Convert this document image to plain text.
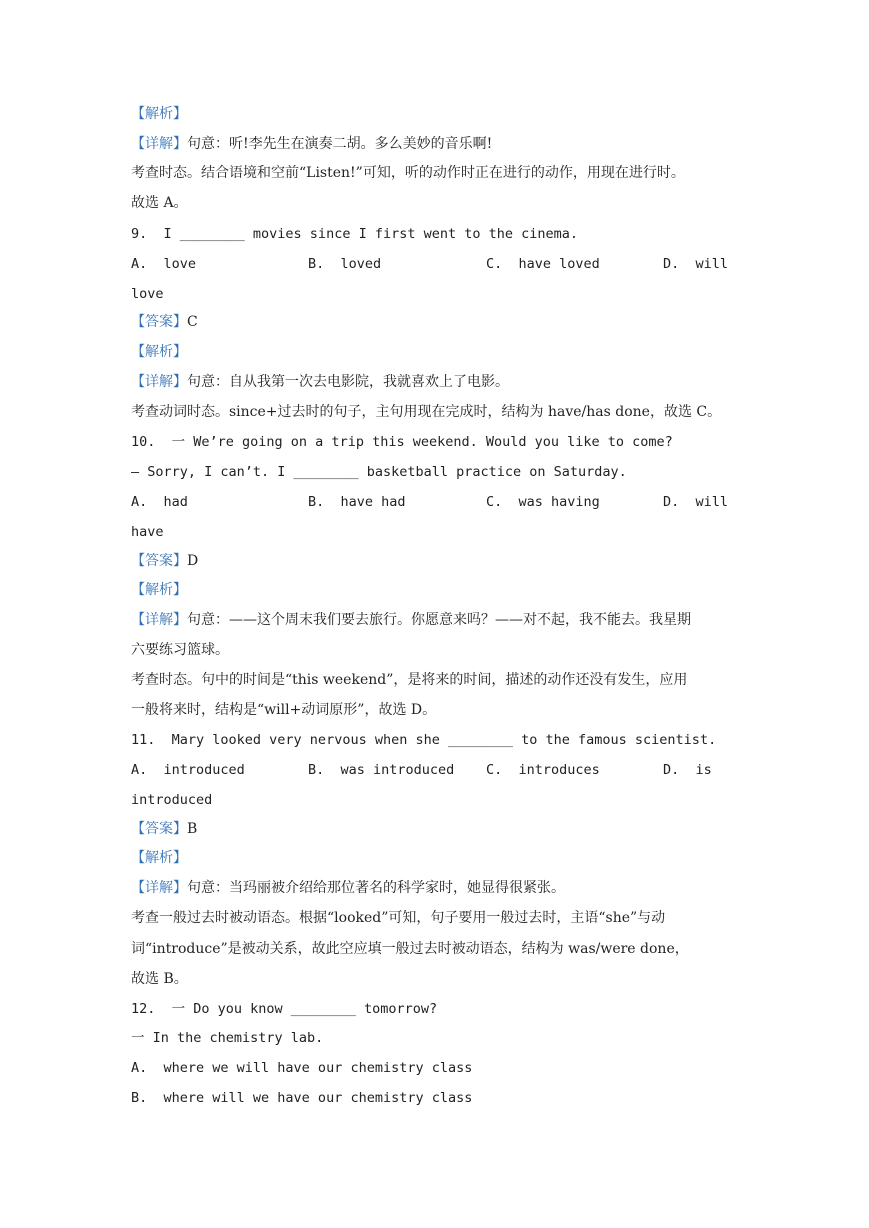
【解析】
【详解】句意：听!李先生在演奏二胡。多么美妙的音乐啊!
考查时态。结合语境和空前“Listen!”可知，听的动作时正在进行的动作，用现在进行时。
故选 A。
9.  I ________ movies since I first went to the cinema.
A.  love	B.  loved	C.  have loved	D.  will
love
【答案】C
【解析】
【详解】句意：自从我第一次去电影院，我就喜欢上了电影。
考查动词时态。since+过去时的句子，主句用现在完成时，结构为 have/has done，故选 C。
10.  一 We’re going on a trip this weekend. Would you like to come?
— Sorry, I can’t. I ________ basketball practice on Saturday.
A.  had	B.  have had	C.  was having	D.  will
have
【答案】D
【解析】
【详解】句意：——这个周末我们要去旅行。你愿意来吗？——对不起，我不能去。我星期
六要练习篮球。
考查时态。句中的时间是“this weekend”，是将来的时间，描述的动作还没有发生，应用
一般将来时，结构是“will+动词原形”，故选 D。
11.  Mary looked very nervous when she ________ to the famous scientist.
A.  introduced	B.  was introduced C.  introduces	D.  is
introduced
【答案】B
【解析】
【详解】句意：当玛丽被介绍给那位著名的科学家时，她显得很紧张。
考查一般过去时被动语态。根据“looked”可知，句子要用一般过去时，主语“she”与动
词“introduce”是被动关系，故此空应填一般过去时被动语态，结构为 was/were done，
故选 B。
12.  一 Do you know ________ tomorrow?
一 In the chemistry lab.
A.  where we will have our chemistry class
B.  where will we have our chemistry class
